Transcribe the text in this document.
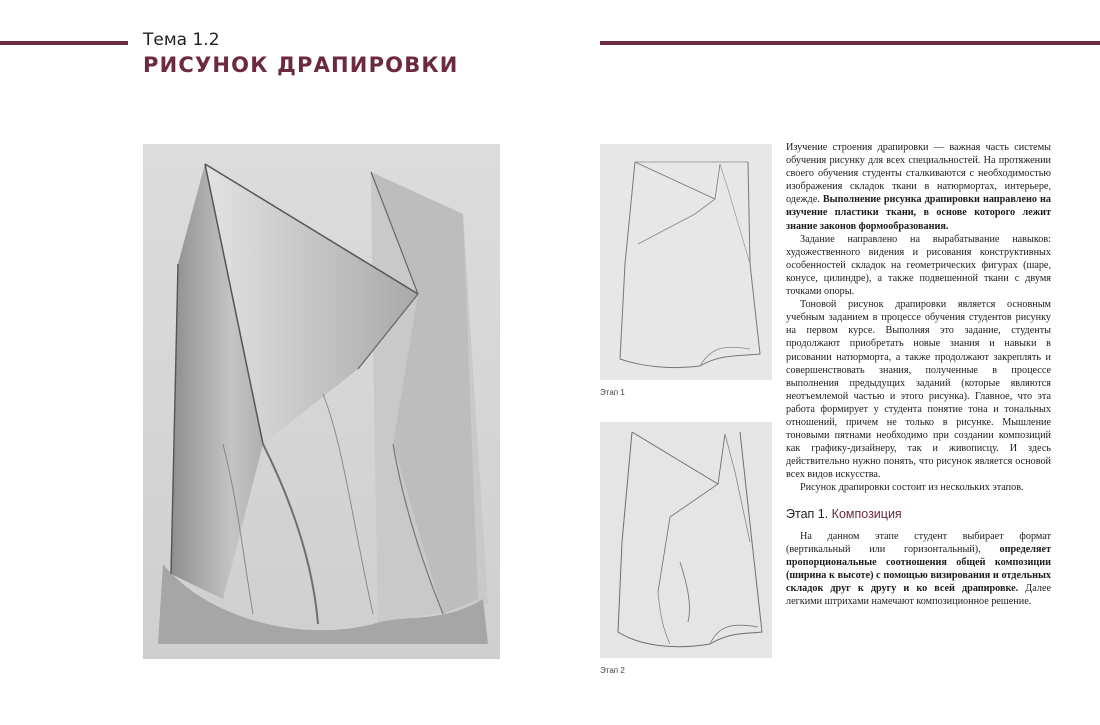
Тема 1.2
РИСУНОК ДРАПИРОВКИ
Этап 1
Этап 2

Изучение строения драпировки — важная часть системы обучения рисунку для всех специальностей. На протяжении своего обучения студенты сталкиваются с необходимостью изображения складок ткани в натюрмортах, интерьере, одежде. Выполнение рисунка драпировки направлено на изучение пластики ткани, в основе которого лежит знание законов формообразования.

Задание направлено на вырабатывание навыков: художественного видения и рисования конструктивных особенностей складок на геометрических фигурах (шаре, конусе, цилиндре), а также подвешенной ткани с двумя точками опоры.

Тоновой рисунок драпировки является основным учебным заданием в процессе обучения студентов рисунку на первом курсе. Выполняя это задание, студенты продолжают приобретать новые знания и навыки в рисовании натюрморта, а также продолжают закреплять и совершенствовать знания, полученные в процессе выполнения предыдущих заданий (которые являются неотъемлемой частью и этого рисунка). Главное, что эта работа формирует у студента понятие тона и тональных отношений, причем не только в рисунке. Мышление тоновыми пятнами необходимо при создании композиций как графику-дизайнеру, так и живописцу. И здесь действительно нужно понять, что рисунок является основой всех видов искусства.

Рисунок драпировки состоит из нескольких этапов.

Этап 1. Композиция

На данном этапе студент выбирает формат (вертикальный или горизонтальный), определяет пропорциональные соотношения общей композиции (ширина к высоте) с помощью визирования и отдельных складок друг к другу и ко всей драпировке. Далее легкими штрихами намечают композиционное решение.
